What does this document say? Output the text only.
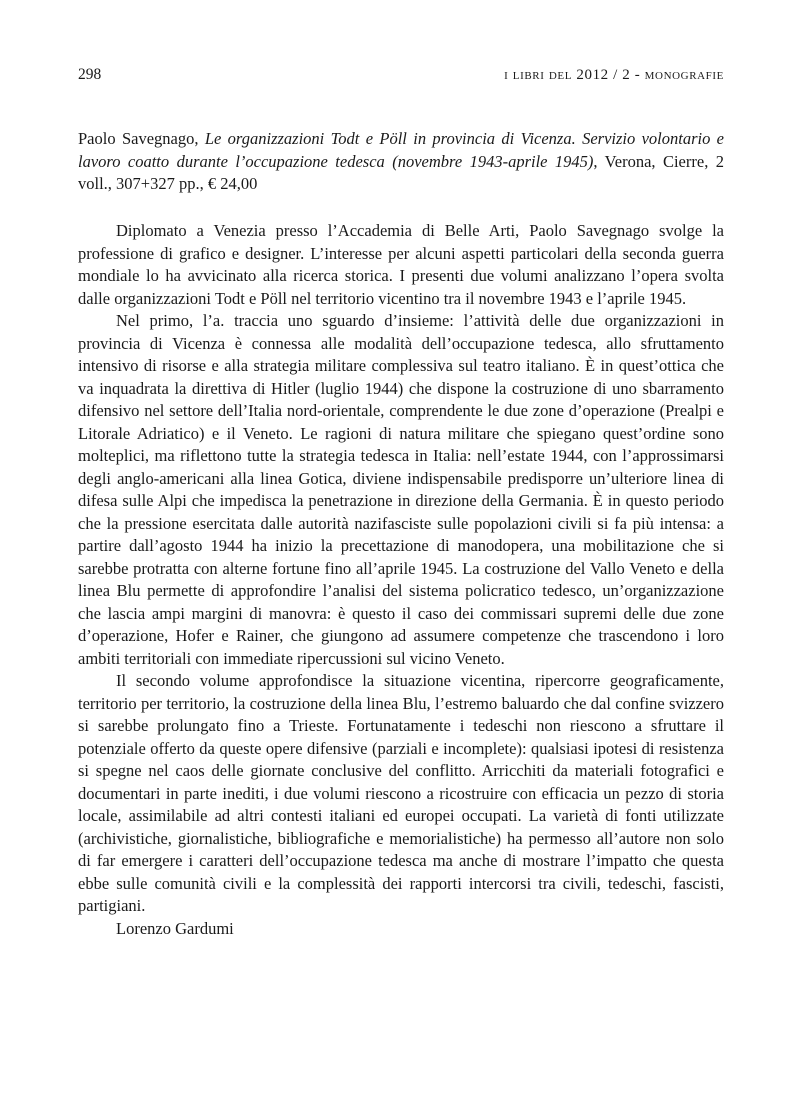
298	i libri del 2012 / 2 - monografie

Paolo Savegnago, Le organizzazioni Todt e Pöll in provincia di Vicenza. Servizio volontario e lavoro coatto durante l’occupazione tedesca (novembre 1943-aprile 1945), Verona, Cierre, 2 voll., 307+327 pp., € 24,00

Diplomato a Venezia presso l’Accademia di Belle Arti, Paolo Savegnago svolge la professione di grafico e designer. L’interesse per alcuni aspetti particolari della seconda guerra mondiale lo ha avvicinato alla ricerca storica. I presenti due volumi analizzano l’opera svolta dalle organizzazioni Todt e Pöll nel territorio vicentino tra il novembre 1943 e l’aprile 1945.

Nel primo, l’a. traccia uno sguardo d’insieme: l’attività delle due organizzazioni in provincia di Vicenza è connessa alle modalità dell’occupazione tedesca, allo sfruttamento intensivo di risorse e alla strategia militare complessiva sul teatro italiano. È in quest’ottica che va inquadrata la direttiva di Hitler (luglio 1944) che dispone la costruzione di uno sbarramento difensivo nel settore dell’Italia nord-orientale, comprendente le due zone d’operazione (Prealpi e Litorale Adriatico) e il Veneto. Le ragioni di natura militare che spiegano quest’ordine sono molteplici, ma riflettono tutte la strategia tedesca in Italia: nell’estate 1944, con l’approssimarsi degli anglo-americani alla linea Gotica, diviene indispensabile predisporre un’ulteriore linea di difesa sulle Alpi che impedisca la penetrazione in direzione della Germania. È in questo periodo che la pressione esercitata dalle autorità nazifasciste sulle popolazioni civili si fa più intensa: a partire dall’agosto 1944 ha inizio la precettazione di manodopera, una mobilitazione che si sarebbe protratta con alterne fortune fino all’aprile 1945. La costruzione del Vallo Veneto e della linea Blu permette di approfondire l’analisi del sistema policratico tedesco, un’organizzazione che lascia ampi margini di manovra: è questo il caso dei commissari supremi delle due zone d’operazione, Hofer e Rainer, che giungono ad assumere competenze che trascendono i loro ambiti territoriali con immediate ripercussioni sul vicino Veneto.

Il secondo volume approfondisce la situazione vicentina, ripercorre geograficamente, territorio per territorio, la costruzione della linea Blu, l’estremo baluardo che dal confine svizzero si sarebbe prolungato fino a Trieste. Fortunatamente i tedeschi non riescono a sfruttare il potenziale offerto da queste opere difensive (parziali e incomplete): qualsiasi ipotesi di resistenza si spegne nel caos delle giornate conclusive del conflitto. Arricchiti da materiali fotografici e documentari in parte inediti, i due volumi riescono a ricostruire con efficacia un pezzo di storia locale, assimilabile ad altri contesti italiani ed europei occupati. La varietà di fonti utilizzate (archivistiche, giornalistiche, bibliografiche e memorialistiche) ha permesso all’autore non solo di far emergere i caratteri dell’occupazione tedesca ma anche di mostrare l’impatto che questa ebbe sulle comunità civili e la complessità dei rapporti intercorsi tra civili, tedeschi, fascisti, partigiani.

Lorenzo Gardumi
